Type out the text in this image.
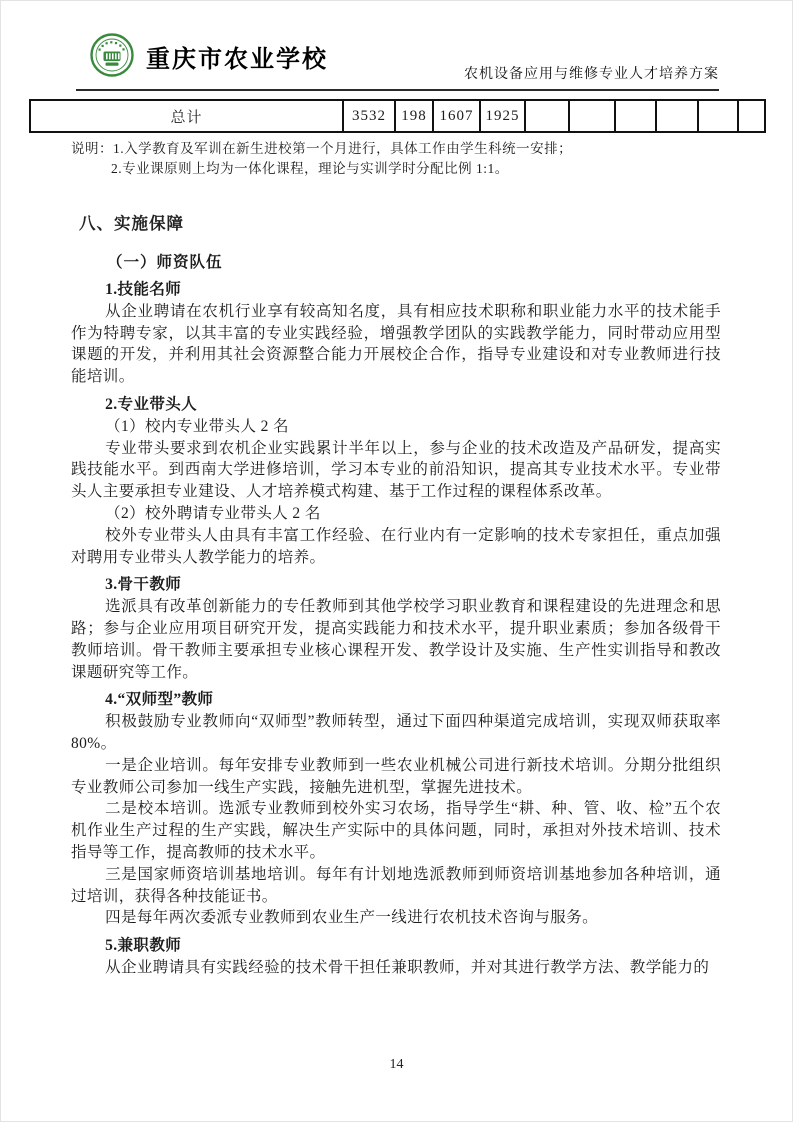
重庆市农业学校
农机设备应用与维修专业人才培养方案
总计	3532	198 1607 1925
说明：1.入学教育及军训在新生进校第一个月进行，具体工作由学生科统一安排；
2.专业课原则上均为一体化课程，理论与实训学时分配比例 1:1。
八、实施保障
（一）师资队伍
1.技能名师
从企业聘请在农机行业享有较高知名度，具有相应技术职称和职业能力水平的技术能手作为特聘专家，以其丰富的专业实践经验，增强教学团队的实践教学能力，同时带动应用型课题的开发，并利用其社会资源整合能力开展校企合作，指导专业建设和对专业教师进行技能培训。
2.专业带头人
（1）校内专业带头人 2 名
专业带头要求到农机企业实践累计半年以上，参与企业的技术改造及产品研发，提高实践技能水平。到西南大学进修培训，学习本专业的前沿知识，提高其专业技术水平。专业带头人主要承担专业建设、人才培养模式构建、基于工作过程的课程体系改革。
（2）校外聘请专业带头人 2 名
校外专业带头人由具有丰富工作经验、在行业内有一定影响的技术专家担任，重点加强对聘用专业带头人教学能力的培养。
3.骨干教师
选派具有改革创新能力的专任教师到其他学校学习职业教育和课程建设的先进理念和思路；参与企业应用项目研究开发，提高实践能力和技术水平，提升职业素质；参加各级骨干教师培训。骨干教师主要承担专业核心课程开发、教学设计及实施、生产性实训指导和教改课题研究等工作。
4.“双师型”教师
积极鼓励专业教师向“双师型”教师转型，通过下面四种渠道完成培训，实现双师获取率 80%。
一是企业培训。每年安排专业教师到一些农业机械公司进行新技术培训。分期分批组织专业教师公司参加一线生产实践，接触先进机型，掌握先进技术。
二是校本培训。选派专业教师到校外实习农场，指导学生“耕、种、管、收、检”五个农机作业生产过程的生产实践，解决生产实际中的具体问题，同时，承担对外技术培训、技术指导等工作，提高教师的技术水平。
三是国家师资培训基地培训。每年有计划地选派教师到师资培训基地参加各种培训，通过培训，获得各种技能证书。
四是每年两次委派专业教师到农业生产一线进行农机技术咨询与服务。
5.兼职教师
从企业聘请具有实践经验的技术骨干担任兼职教师，并对其进行教学方法、教学能力的
14
